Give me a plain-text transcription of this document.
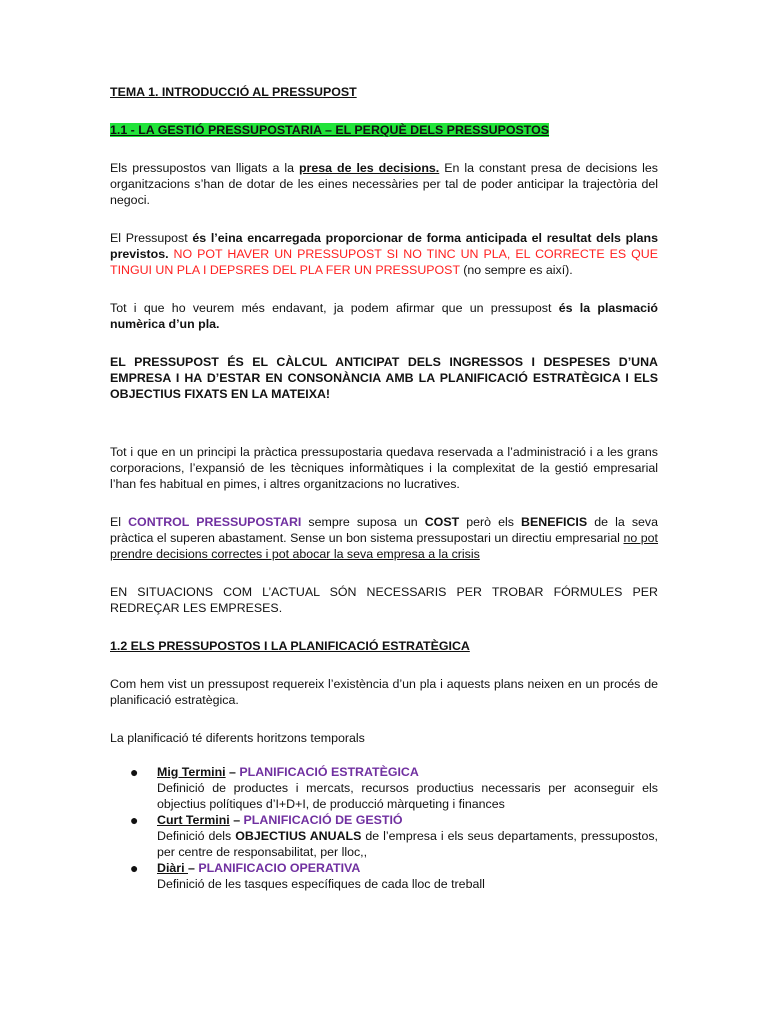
TEMA 1. INTRODUCCIÓ AL PRESSUPOST

1.1 - LA GESTIÓ PRESSUPOSTARIA – EL PERQUÈ DELS PRESSUPOSTOS

Els pressupostos van lligats a la presa de les decisions. En la constant presa de decisions les organitzacions s’han de dotar de les eines necessàries per tal de poder anticipar la trajectòria del negoci.

El Pressupost és l’eina encarregada proporcionar de forma anticipada el resultat dels plans previstos. NO POT HAVER UN PRESSUPOST SI NO TINC UN PLA, EL CORRECTE ES QUE TINGUI UN PLA I DEPSRES DEL PLA FER UN PRESSUPOST (no sempre es així).

Tot i que ho veurem més endavant, ja podem afirmar que un pressupost és la plasmació numèrica d’un pla.

EL PRESSUPOST ÉS EL CÀLCUL ANTICIPAT DELS INGRESSOS I DESPESES D’UNA EMPRESA I HA D’ESTAR EN CONSONÀNCIA AMB LA PLANIFICACIÓ ESTRATÈGICA I ELS OBJECTIUS FIXATS EN LA MATEIXA!

Tot i que en un principi la pràctica pressupostaria quedava reservada a l’administració i a les grans corporacions, l’expansió de les tècniques informàtiques i la complexitat de la gestió empresarial l’han fes habitual en pimes, i altres organitzacions no lucratives.

El CONTROL PRESSUPOSTARI sempre suposa un COST però els BENEFICIS de la seva pràctica el superen abastament. Sense un bon sistema pressupostari un directiu empresarial no pot prendre decisions correctes i pot abocar la seva empresa a la crisis

EN SITUACIONS COM L’ACTUAL SÓN NECESSARIS PER TROBAR FÓRMULES PER REDREÇAR LES EMPRESES.

1.2 ELS PRESSUPOSTOS I LA PLANIFICACIÓ ESTRATÈGICA

Com hem vist un pressupost requereix l’existència d’un pla i aquests plans neixen en un procés de planificació estratègica.

La planificació té diferents horitzons temporals

● Mig Termini – PLANIFICACIÓ ESTRATÈGICA
Definició de productes i mercats, recursos productius necessaris per aconseguir els objectius polítiques d’I+D+I, de producció màrqueting i finances
● Curt Termini – PLANIFICACIÓ DE GESTIÓ
Definició dels OBJECTIUS ANUALS de l’empresa i els seus departaments, pressupostos, per centre de responsabilitat, per lloc,,
● Diàri – PLANIFICACIO OPERATIVA
Definició de les tasques específiques de cada lloc de treball
